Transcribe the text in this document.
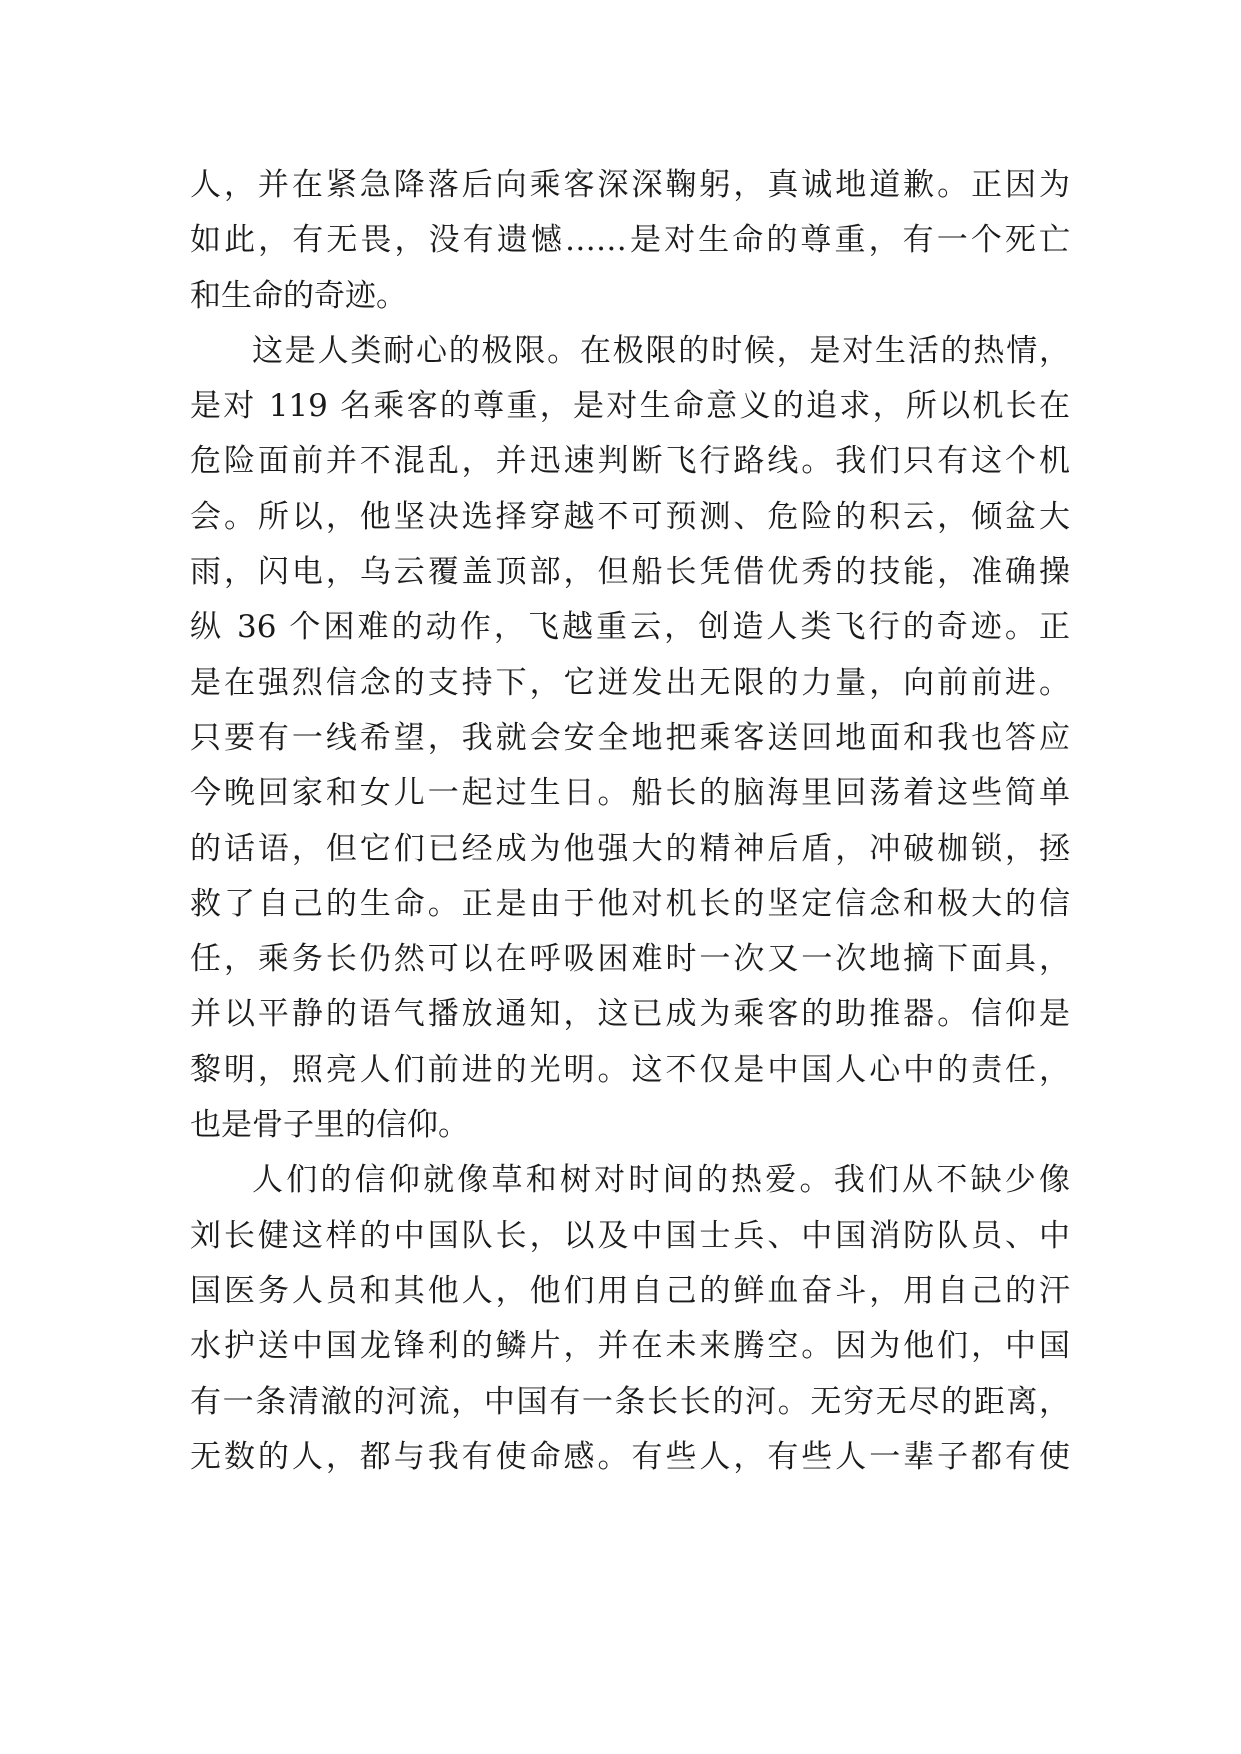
人，并在紧急降落后向乘客深深鞠躬，真诚地道歉。正因为
如此，有无畏，没有遗憾……是对生命的尊重，有一个死亡
和生命的奇迹。
这是人类耐心的极限。在极限的时候，是对生活的热情，
是对 119 名乘客的尊重，是对生命意义的追求，所以机长在
危险面前并不混乱，并迅速判断飞行路线。我们只有这个机
会。所以，他坚决选择穿越不可预测、危险的积云，倾盆大
雨，闪电，乌云覆盖顶部，但船长凭借优秀的技能，准确操
纵 36 个困难的动作，飞越重云，创造人类飞行的奇迹。正
是在强烈信念的支持下，它迸发出无限的力量，向前前进。
只要有一线希望，我就会安全地把乘客送回地面和我也答应
今晚回家和女儿一起过生日。船长的脑海里回荡着这些简单
的话语，但它们已经成为他强大的精神后盾，冲破枷锁，拯
救了自己的生命。正是由于他对机长的坚定信念和极大的信
任，乘务长仍然可以在呼吸困难时一次又一次地摘下面具，
并以平静的语气播放通知，这已成为乘客的助推器。信仰是
黎明，照亮人们前进的光明。这不仅是中国人心中的责任，
也是骨子里的信仰。
人们的信仰就像草和树对时间的热爱。我们从不缺少像
刘长健这样的中国队长，以及中国士兵、中国消防队员、中
国医务人员和其他人，他们用自己的鲜血奋斗，用自己的汗
水护送中国龙锋利的鳞片，并在未来腾空。因为他们，中国
有一条清澈的河流，中国有一条长长的河。无穷无尽的距离，
无数的人，都与我有使命感。有些人，有些人一辈子都有使
